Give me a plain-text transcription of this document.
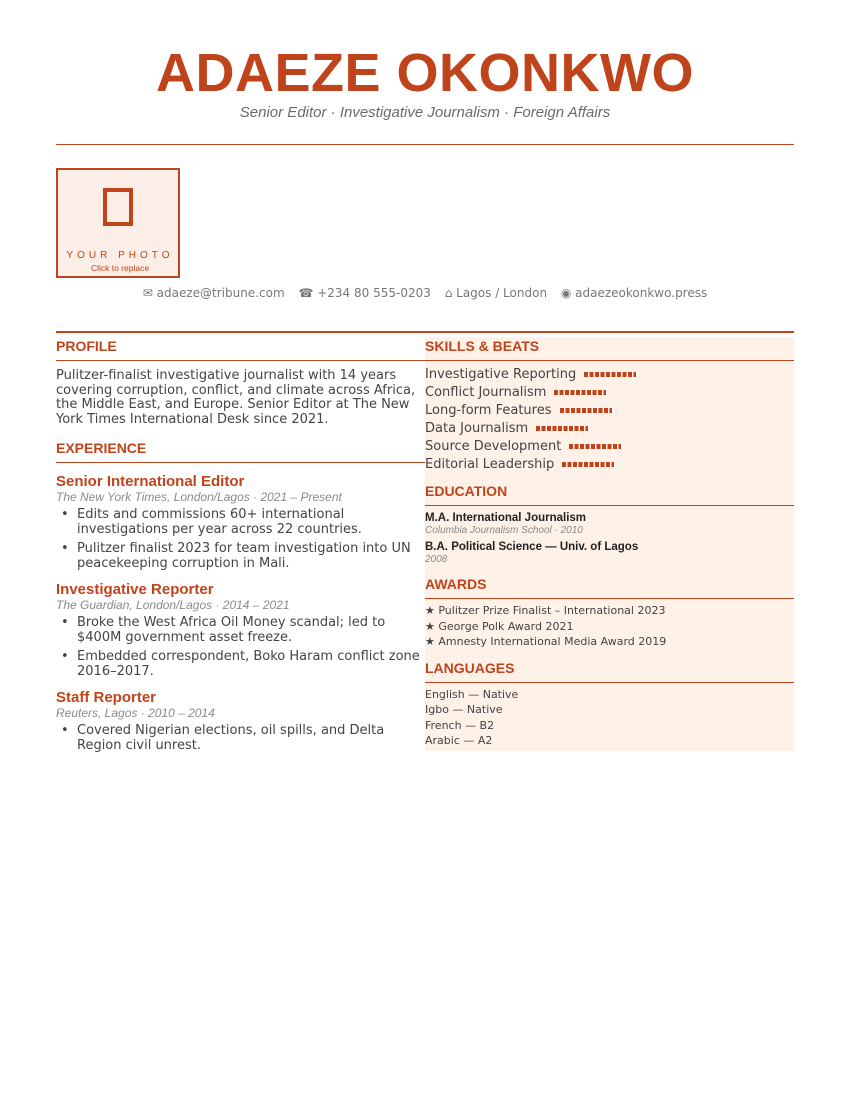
ADAEZE OKONKWO
Senior Editor · Investigative Journalism · Foreign Affairs
YOUR PHOTO
Click to replace
✉ adaeze@tribune.com ☎ +234 80 555-0203 ⌂ Lagos / London ◉ adaezeokonkwo.press
PROFILE
Pulitzer-finalist investigative journalist with 14 years covering corruption, conflict, and climate across Africa, the Middle East, and Europe. Senior Editor at The New York Times International Desk since 2021.
EXPERIENCE
Senior International Editor
The New York Times, London/Lagos · 2021 – Present
• Edits and commissions 60+ international investigations per year across 22 countries.
• Pulitzer finalist 2023 for team investigation into UN peacekeeping corruption in Mali.
Investigative Reporter
The Guardian, London/Lagos · 2014 – 2021
• Broke the West Africa Oil Money scandal; led to $400M government asset freeze.
• Embedded correspondent, Boko Haram conflict zone 2016–2017.
Staff Reporter
Reuters, Lagos · 2010 – 2014
• Covered Nigerian elections, oil spills, and Delta Region civil unrest.
SKILLS & BEATS
Investigative Reporting
Conflict Journalism
Long-form Features
Data Journalism
Source Development
Editorial Leadership
EDUCATION
M.A. International Journalism
Columbia Journalism School · 2010
B.A. Political Science — Univ. of Lagos
2008
AWARDS
★ Pulitzer Prize Finalist – International 2023
★ George Polk Award 2021
★ Amnesty International Media Award 2019
LANGUAGES
English — Native
Igbo — Native
French — B2
Arabic — A2
